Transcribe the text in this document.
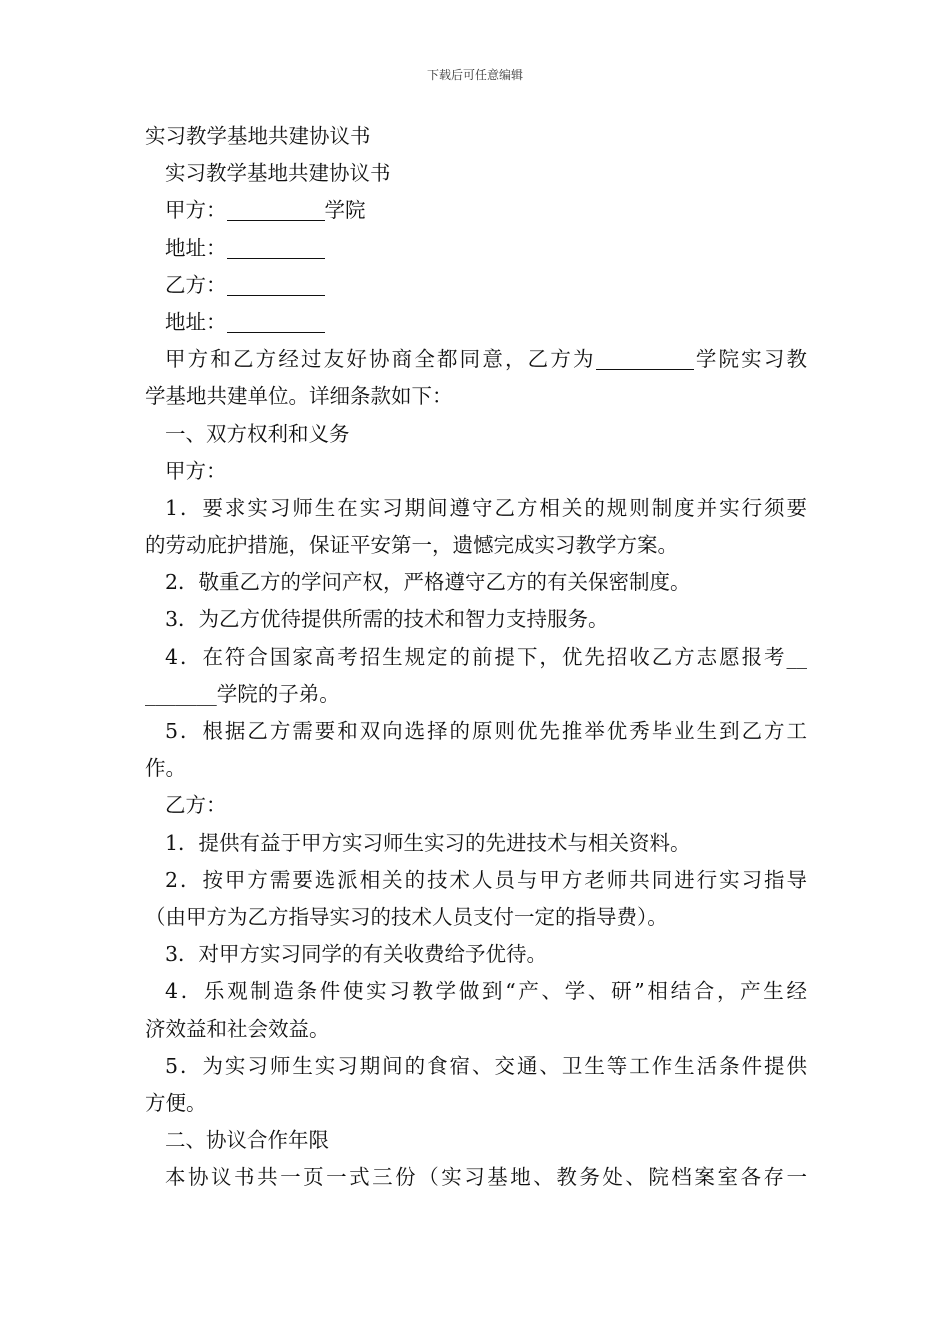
下载后可任意编辑
实习教学基地共建协议书
实习教学基地共建协议书
甲方：	学院
地址：
乙方：
地址：
甲方和乙方经过友好协商全都同意，乙方为	学院实习教
学基地共建单位。详细条款如下：
一、双方权利和义务
甲方：
1．要求实习师生在实习期间遵守乙方相关的规则制度并实行须要
的劳动庇护措施，保证平安第一，遗憾完成实习教学方案。
2．敬重乙方的学问产权，严格遵守乙方的有关保密制度。
3．为乙方优待提供所需的技术和智力支持服务。
4．在符合国家高考招生规定的前提下，优先招收乙方志愿报考__
_______学院的子弟。
5．根据乙方需要和双向选择的原则优先推举优秀毕业生到乙方工
作。
乙方：
1．提供有益于甲方实习师生实习的先进技术与相关资料。
2．按甲方需要选派相关的技术人员与甲方老师共同进行实习指导
（由甲方为乙方指导实习的技术人员支付一定的指导费）。
3．对甲方实习同学的有关收费给予优待。
4．乐观制造条件使实习教学做到“产、学、研”相结合，产生经
济效益和社会效益。
5．为实习师生实习期间的食宿、交通、卫生等工作生活条件提供
方便。
二、协议合作年限
本协议书共一页一式三份（实习基地、教务处、院档案室各存一
